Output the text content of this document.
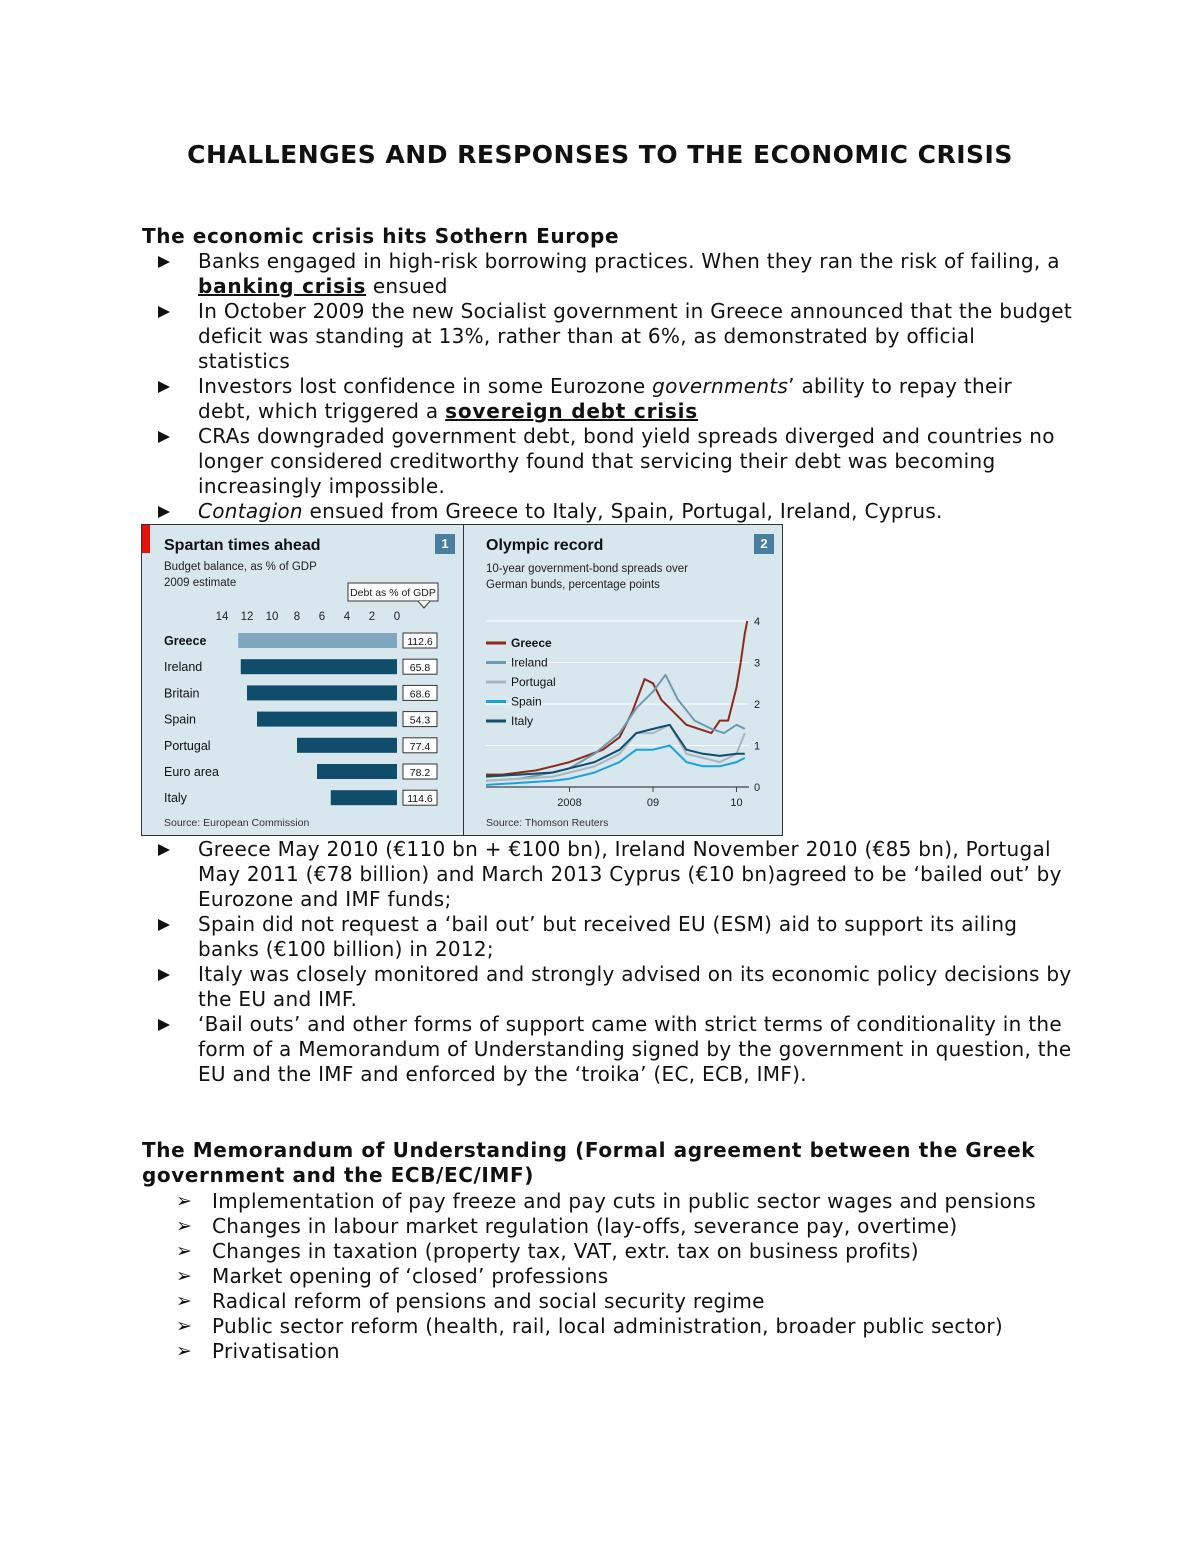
CHALLENGES AND RESPONSES TO THE ECONOMIC CRISIS
The economic crisis hits Sothern Europe
Banks engaged in high-risk borrowing practices. When they ran the risk of failing, a banking crisis ensued
In October 2009 the new Socialist government in Greece announced that the budget deficit was standing at 13%, rather than at 6%, as demonstrated by official statistics
Investors lost confidence in some Eurozone governments’ ability to repay their debt, which triggered a sovereign debt crisis
CRAs downgraded government debt, bond yield spreads diverged and countries no longer considered creditworthy found that servicing their debt was becoming increasingly impossible.
Contagion ensued from Greece to Italy, Spain, Portugal, Ireland, Cyprus.
Spartan times ahead	1
Budget balance, as % of GDP
2009 estimate
14 12 10 8 6 4 2 0
Debt as % of GDP
Greece	112.6
Ireland	65.8
Britain	68.6
Spain	54.3
Portugal	77.4
Euro area	78.2
Italy	114.6
Source: European Commission
Olympic record	2
10-year government-bond spreads over
German bunds, percentage points
4
3
2
1
0
2008	09	10
Greece
Ireland
Portugal
Spain
Italy
Source: Thomson Reuters
Greece May 2010 (€110 bn + €100 bn), Ireland November 2010 (€85 bn), Portugal May 2011 (€78 billion) and March 2013 Cyprus (€10 bn)agreed to be ‘bailed out’ by Eurozone and IMF funds;
Spain did not request a ‘bail out’ but received EU (ESM) aid to support its ailing banks (€100 billion) in 2012;
Italy was closely monitored and strongly advised on its economic policy decisions by the EU and IMF.
‘Bail outs’ and other forms of support came with strict terms of conditionality in the form of a Memorandum of Understanding signed by the government in question, the EU and the IMF and enforced by the ‘troika’ (EC, ECB, IMF).
The Memorandum of Understanding (Formal agreement between the Greek government and the ECB/EC/IMF)
➢ Implementation of pay freeze and pay cuts in public sector wages and pensions
➢ Changes in labour market regulation (lay-offs, severance pay, overtime)
➢ Changes in taxation (property tax, VAT, extr. tax on business profits)
➢ Market opening of ‘closed’ professions
➢ Radical reform of pensions and social security regime
➢ Public sector reform (health, rail, local administration, broader public sector)
➢ Privatisation
